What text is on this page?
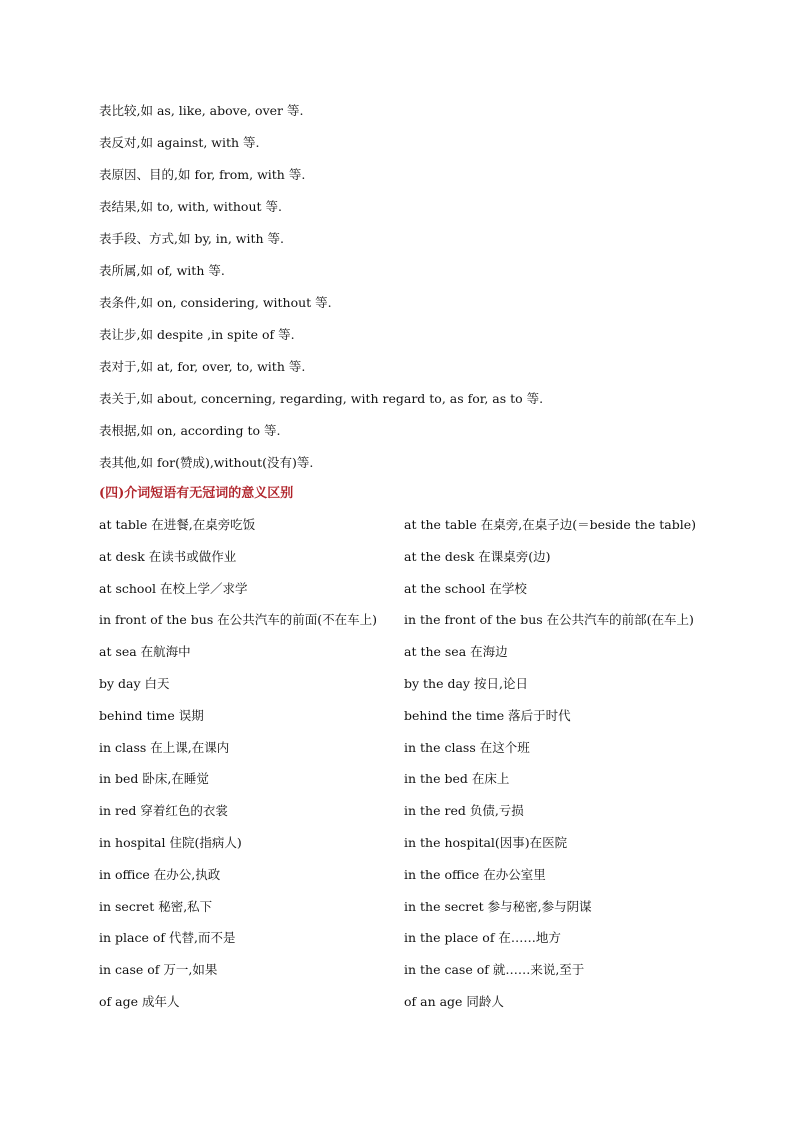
表比较,如 as, like, above, over 等.
表反对,如 against, with 等.
表原因、目的,如 for, from, with 等.
表结果,如 to, with, without 等.
表手段、方式,如 by, in, with 等.
表所属,如 of, with 等.
表条件,如 on, considering, without 等.
表让步,如 despite ,in spite of 等.
表对于,如 at, for, over, to, with 等.
表关于,如 about, concerning, regarding, with regard to, as for, as to 等.
表根据,如 on, according to 等.
表其他,如 for(赞成),without(没有)等.
(四)介词短语有无冠词的意义区别
at table 在进餐,在桌旁吃饭	at the table 在桌旁,在桌子边(＝beside the table)
at desk 在读书或做作业	at the desk 在课桌旁(边)
at school 在校上学／求学	at the school 在学校
in front of the bus 在公共汽车的前面(不在车上) in the front of the bus 在公共汽车的前部(在车上)
at sea 在航海中	at the sea 在海边
by day 白天	by the day 按日,论日
behind time 误期	behind the time 落后于时代
in class 在上课,在课内	in the class 在这个班
in bed 卧床,在睡觉	in the bed 在床上
in red 穿着红色的衣裳	in the red 负债,亏损
in hospital 住院(指病人)	in the hospital(因事)在医院
in office 在办公,执政	in the office 在办公室里
in secret 秘密,私下	in the secret 参与秘密,参与阴谋
in place of 代替,而不是	in the place of 在……地方
in case of 万一,如果	in the case of 就……来说,至于
of age 成年人	of an age 同龄人
